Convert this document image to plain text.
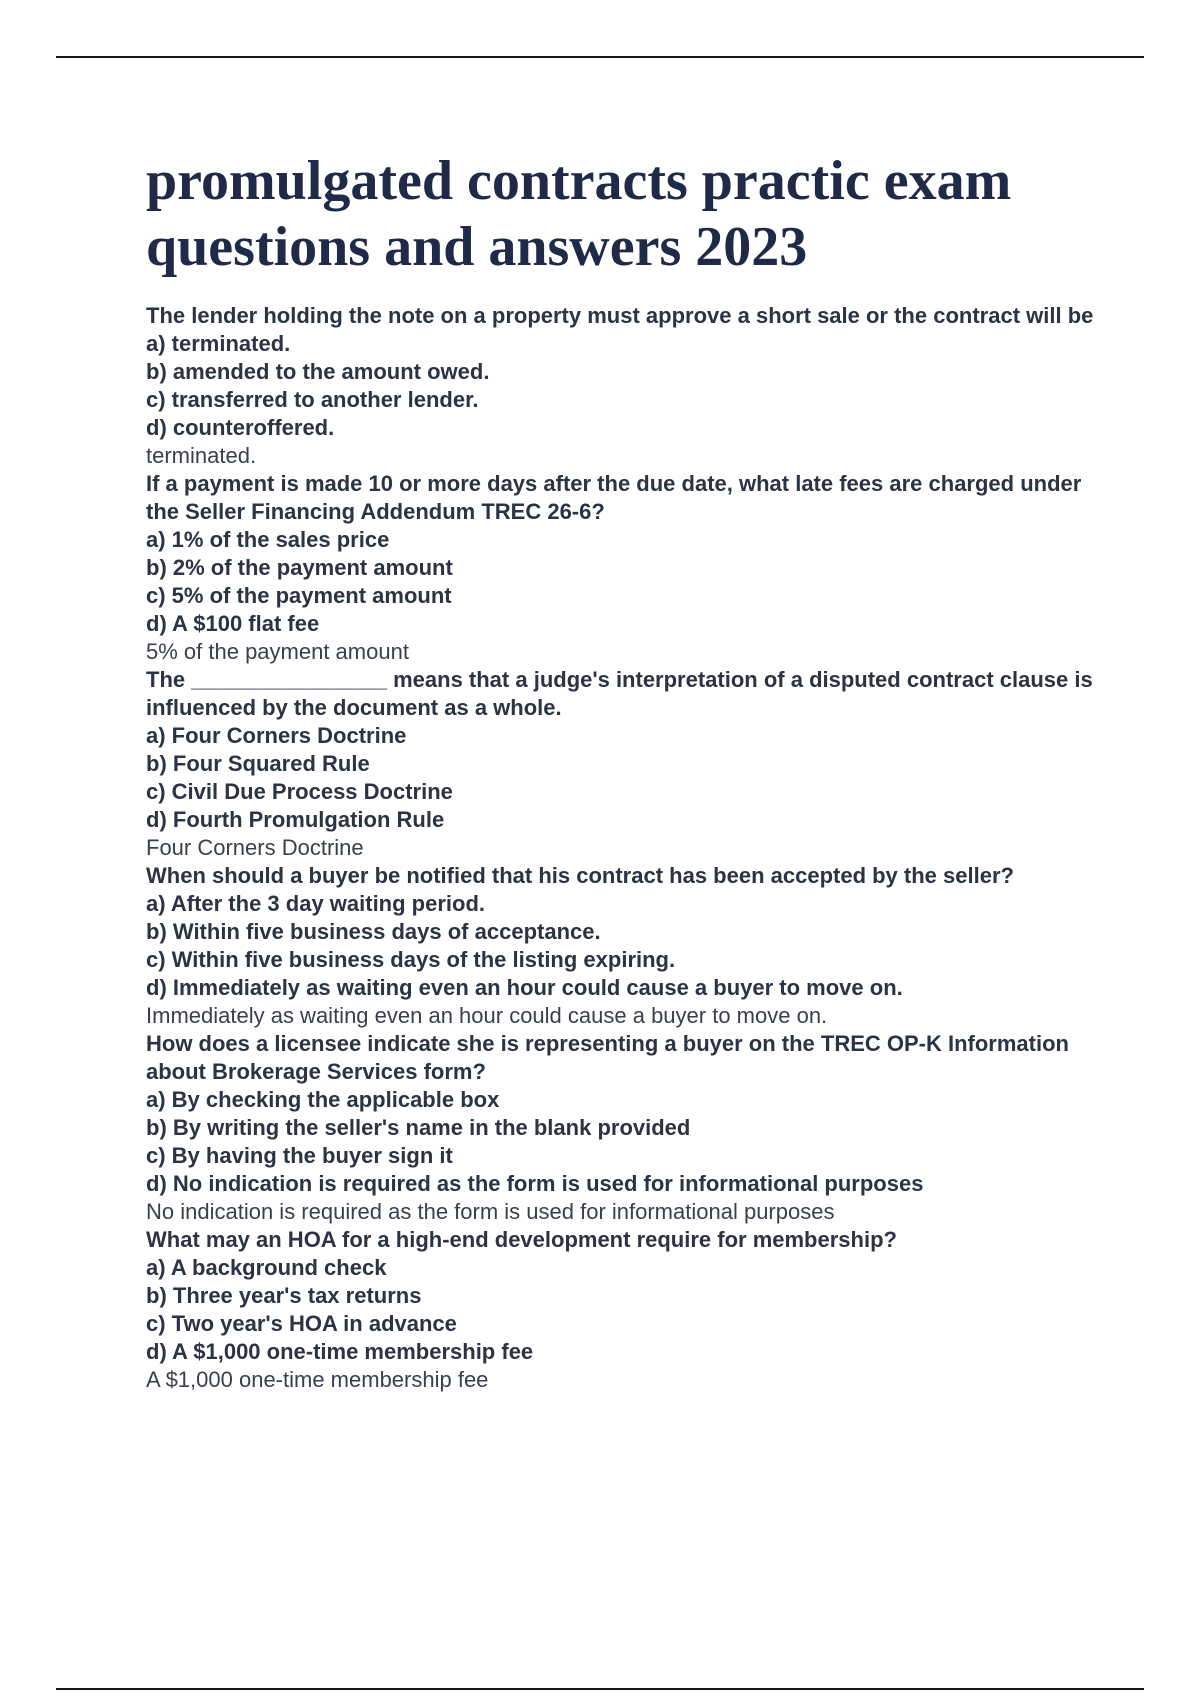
promulgated contracts practic exam questions and answers 2023

The lender holding the note on a property must approve a short sale or the contract will be

a) terminated.

b) amended to the amount owed.

c) transferred to another lender.

d) counteroffered.

terminated.

If a payment is made 10 or more days after the due date, what late fees are charged under the Seller Financing Addendum TREC 26-6?

a) 1% of the sales price

b) 2% of the payment amount

c) 5% of the payment amount

d) A $100 flat fee

5% of the payment amount

The ________________ means that a judge's interpretation of a disputed contract clause is influenced by the document as a whole.

a) Four Corners Doctrine

b) Four Squared Rule

c) Civil Due Process Doctrine

d) Fourth Promulgation Rule

Four Corners Doctrine

When should a buyer be notified that his contract has been accepted by the seller?

a) After the 3 day waiting period.

b) Within five business days of acceptance.

c) Within five business days of the listing expiring.

d) Immediately as waiting even an hour could cause a buyer to move on.

Immediately as waiting even an hour could cause a buyer to move on.

How does a licensee indicate she is representing a buyer on the TREC OP-K Information about Brokerage Services form?

a) By checking the applicable box

b) By writing the seller's name in the blank provided

c) By having the buyer sign it

d) No indication is required as the form is used for informational purposes

No indication is required as the form is used for informational purposes

What may an HOA for a high-end development require for membership?

a) A background check

b) Three year's tax returns

c) Two year's HOA in advance

d) A $1,000 one-time membership fee

A $1,000 one-time membership fee
